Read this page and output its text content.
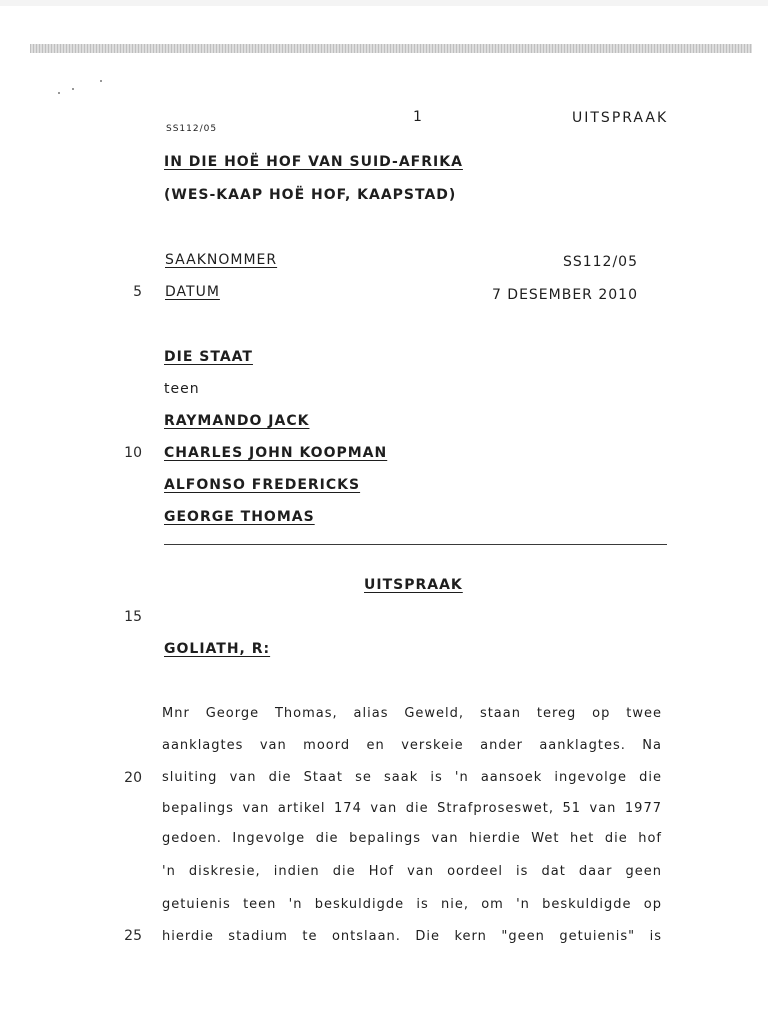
SS112/05
1	UITSPRAAK
IN DIE HOË HOF VAN SUID-AFRIKA
(WES-KAAP HOË HOF, KAAPSTAD)
SAAKNOMMER	SS112/05
DATUM	7 DESEMBER 2010
DIE STAAT
teen
RAYMANDO JACK
CHARLES JOHN KOOPMAN
ALFONSO FREDERICKS
GEORGE THOMAS
UITSPRAAK
GOLIATH, R:
Mnr George Thomas, alias Geweld, staan tereg op twee
aanklagtes van moord en verskeie ander aanklagtes. Na
sluiting van die Staat se saak is 'n aansoek ingevolge die
bepalings van artikel 174 van die Strafproseswet, 51 van 1977
gedoen. Ingevolge die bepalings van hierdie Wet het die hof
'n diskresie, indien die Hof van oordeel is dat daar geen
getuienis teen 'n beskuldigde is nie, om 'n beskuldigde op
hierdie stadium te ontslaan. Die kern "geen getuienis" is
5
10
15
20
25
